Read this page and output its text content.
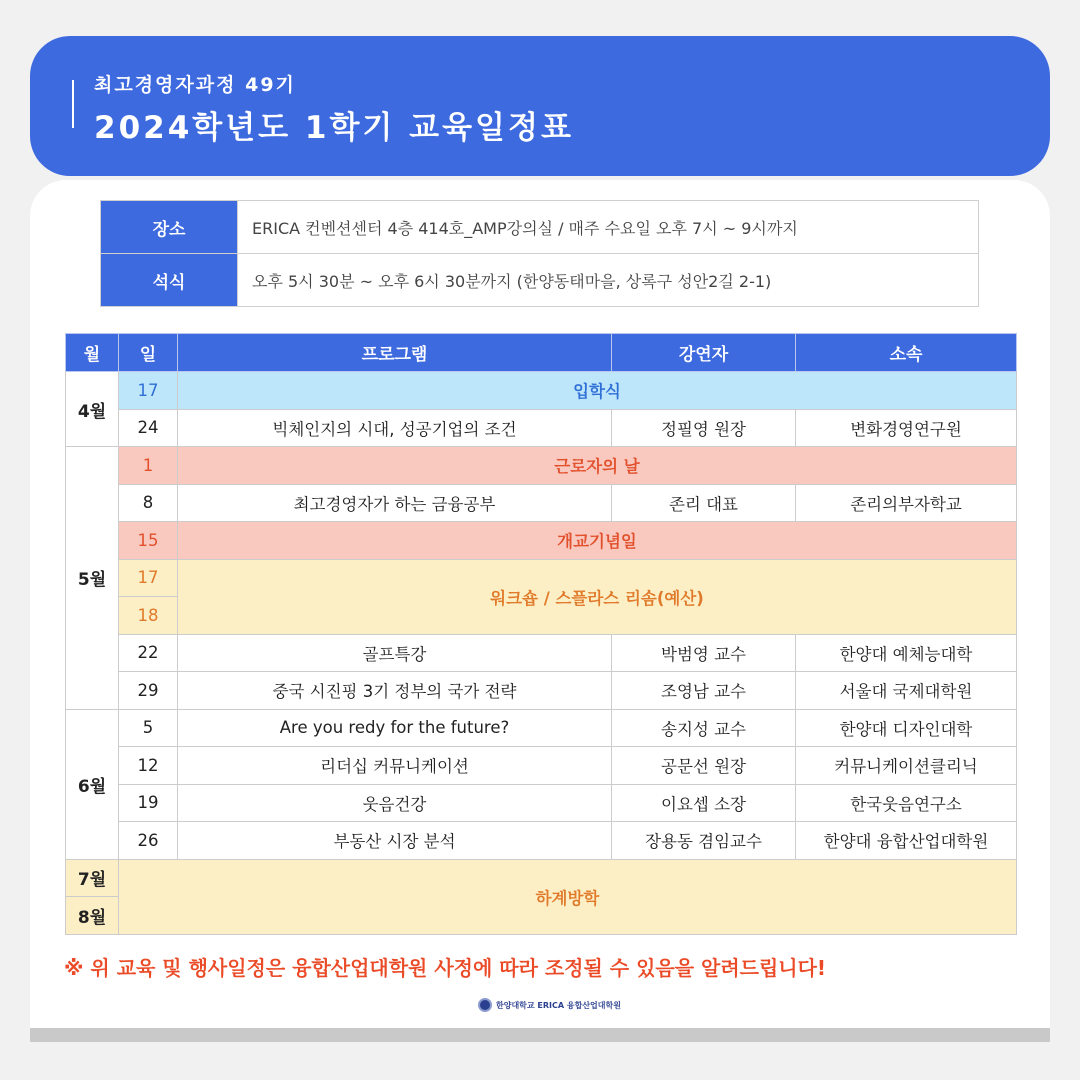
최고경영자과정 49기
2024학년도 1학기 교육일정표
장소	ERICA 컨벤션센터 4층 414호_AMP강의실 / 매주 수요일 오후 7시 ~ 9시까지
석식	오후 5시 30분 ~ 오후 6시 30분까지 (한양동태마을, 상록구 성안2길 2-1)
월	일	프로그램	강연자	소속
4월	17	입학식		
	24	빅체인지의 시대, 성공기업의 조건	정필영 원장	변화경영연구원
5월	1	근로자의 날		
	8	최고경영자가 하는 금융공부	존리 대표	존리의부자학교
	15	개교기념일		
	17	워크숍 / 스플라스 리솜(예산)		
	18			
	22	골프특강	박범영 교수	한양대 예체능대학
	29	중국 시진핑 3기 정부의 국가 전략	조영남 교수	서울대 국제대학원
6월	5	Are you redy for the future?	송지성 교수	한양대 디자인대학
	12	리더십 커뮤니케이션	공문선 원장	커뮤니케이션클리닉
	19	웃음건강	이요셉 소장	한국웃음연구소
	26	부동산 시장 분석	장용동 겸임교수	한양대 융합산업대학원
7월	하계방학			
8월				
※ 위 교육 및 행사일정은 융합산업대학원 사정에 따라 조정될 수 있음을 알려드립니다!
한양대학교 ERICA 융합산업대학원
